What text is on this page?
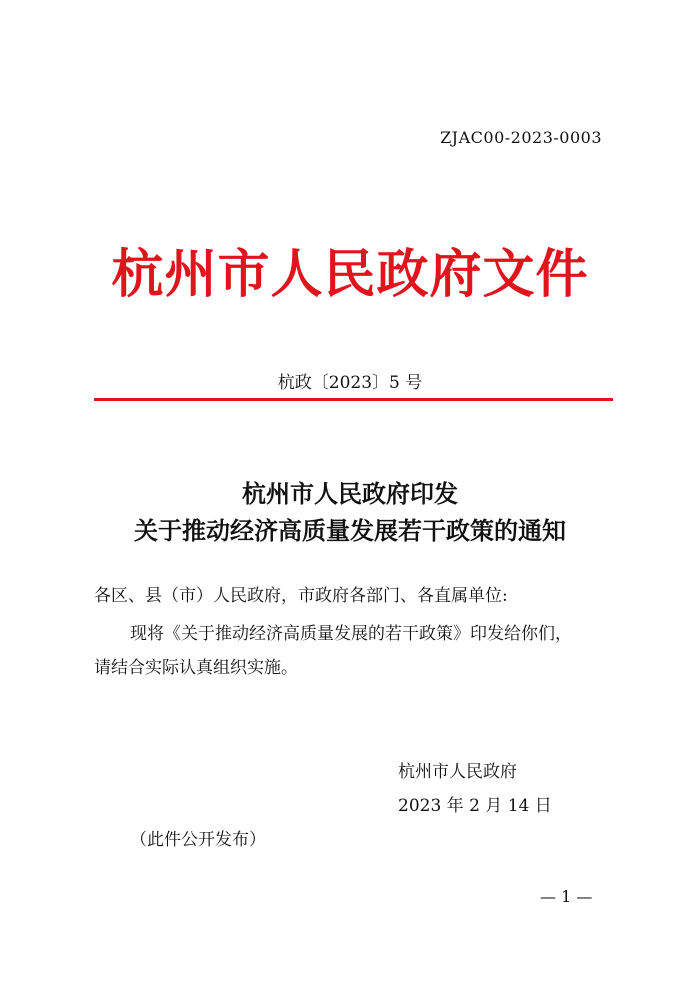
ZJAC00-2023-0003
杭州市人民政府文件
杭政〔2023〕5 号
杭州市人民政府印发
关于推动经济高质量发展若干政策的通知
各区、县（市）人民政府，市政府各部门、各直属单位:
现将《关于推动经济高质量发展的若干政策》印发给你们，
请结合实际认真组织实施。
杭州市人民政府
2023 年 2 月 14 日
（此件公开发布）
— 1 —
